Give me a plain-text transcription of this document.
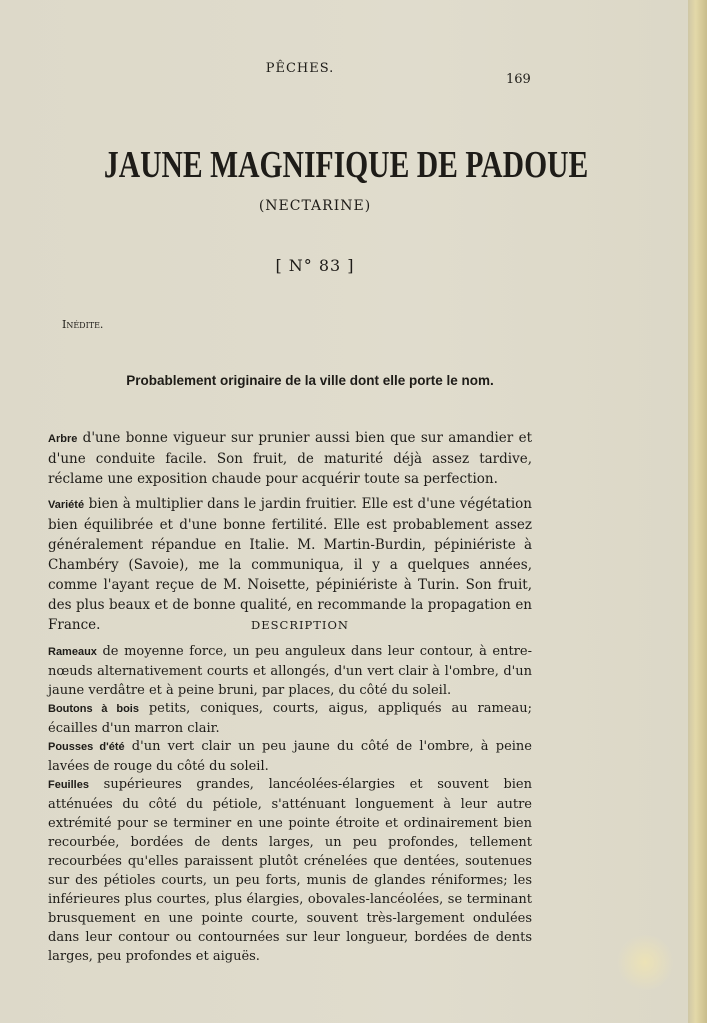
PÊCHES.
169
JAUNE MAGNIFIQUE DE PADOUE
(NECTARINE)
[ N° 83 ]
Inédite.
Probablement originaire de la ville dont elle porte le nom.

Arbre d'une bonne vigueur sur prunier aussi bien que sur amandier et d'une conduite facile. Son fruit, de maturité déjà assez tardive, réclame une exposition chaude pour acquérir toute sa perfection.

Variété bien à multiplier dans le jardin fruitier. Elle est d'une végétation bien équilibrée et d'une bonne fertilité. Elle est probablement assez généralement répandue en Italie. M. Martin-Burdin, pépiniériste à Chambéry (Savoie), me la communiqua, il y a quelques années, comme l'ayant reçue de M. Noisette, pépiniériste à Turin. Son fruit, des plus beaux et de bonne qualité, en recommande la propagation en France.	DESCRIPTION

Rameaux de moyenne force, un peu anguleux dans leur contour, à entre-nœuds alternativement courts et allongés, d'un vert clair à l'ombre, d'un jaune verdâtre et à peine bruni, par places, du côté du soleil.

Boutons à bois petits, coniques, courts, aigus, appliqués au rameau; écailles d'un marron clair.

Pousses d'été d'un vert clair un peu jaune du côté de l'ombre, à peine lavées de rouge du côté du soleil.

Feuilles supérieures grandes, lancéolées-élargies et souvent bien atténuées du côté du pétiole, s'atténuant longuement à leur autre extrémité pour se terminer en une pointe étroite et ordinairement bien recourbée, bordées de dents larges, un peu profondes, tellement recourbées qu'elles paraissent plutôt crénelées que dentées, soutenues sur des pétioles courts, un peu forts, munis de glandes réniformes; les inférieures plus courtes, plus élargies, obovales-lancéolées, se terminant brusquement en une pointe courte, souvent très-largement ondulées dans leur contour ou contournées sur leur longueur, bordées de dents larges, peu profondes et aiguës.
